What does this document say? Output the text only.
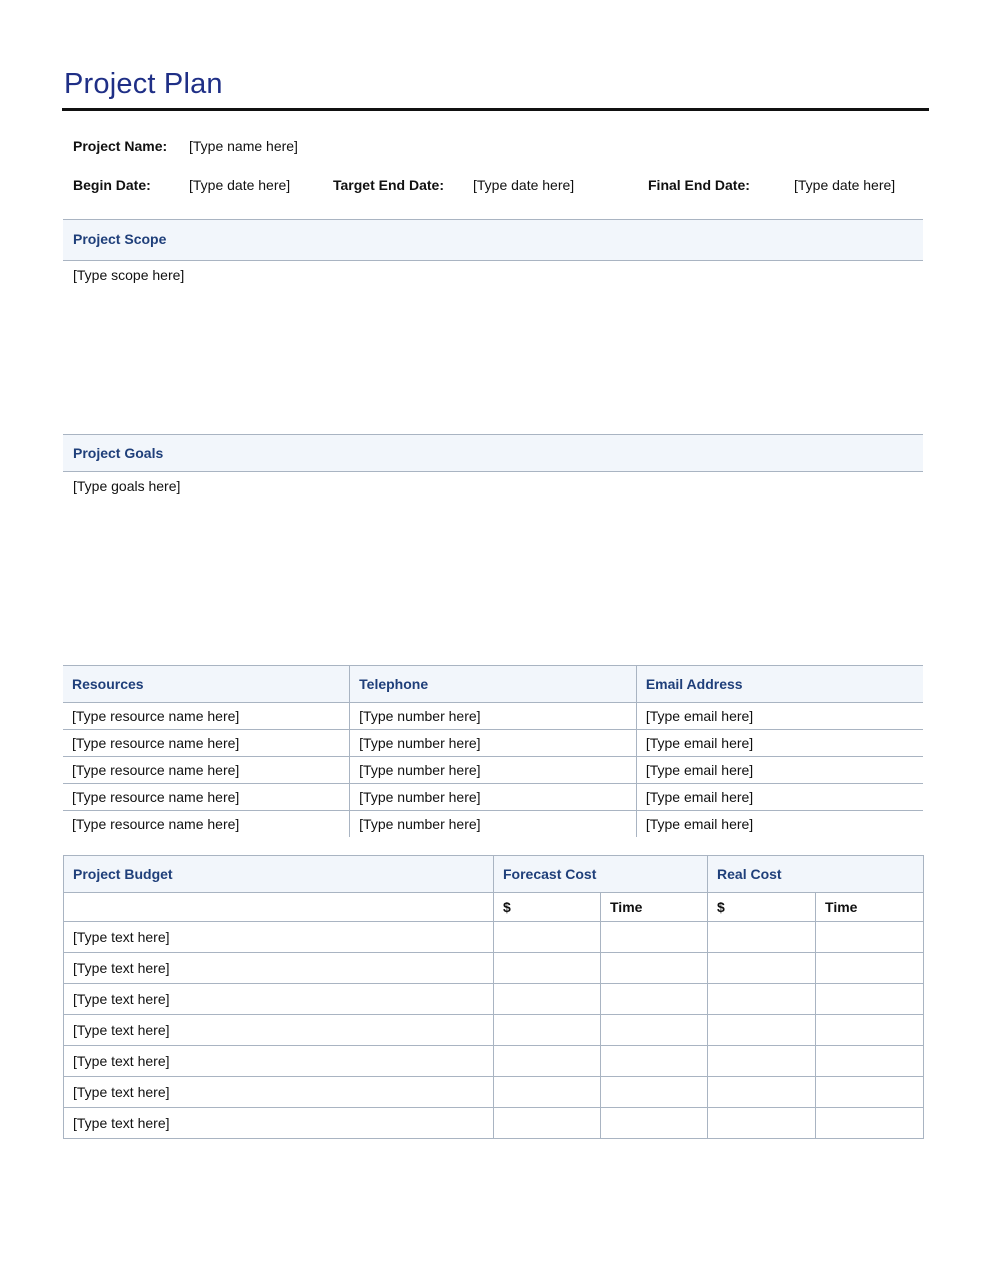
Project Plan
Project Name: [Type name here]
Begin Date:	[Type date here]	Target End Date: [Type date here]	Final End Date:	[Type date here]
Project Scope
[Type scope here]
Project Goals
[Type goals here]
Resources	Telephone	Email Address
[Type resource name here]	[Type number here]	[Type email here]
[Type resource name here]	[Type number here]	[Type email here]
[Type resource name here]	[Type number here]	[Type email here]
[Type resource name here]	[Type number here]	[Type email here]
[Type resource name here]	[Type number here]	[Type email here]
Project Budget	Forecast Cost		Real Cost	
	$	Time	$	Time
[Type text here]				
[Type text here]				
[Type text here]				
[Type text here]				
[Type text here]				
[Type text here]				
[Type text here]				
